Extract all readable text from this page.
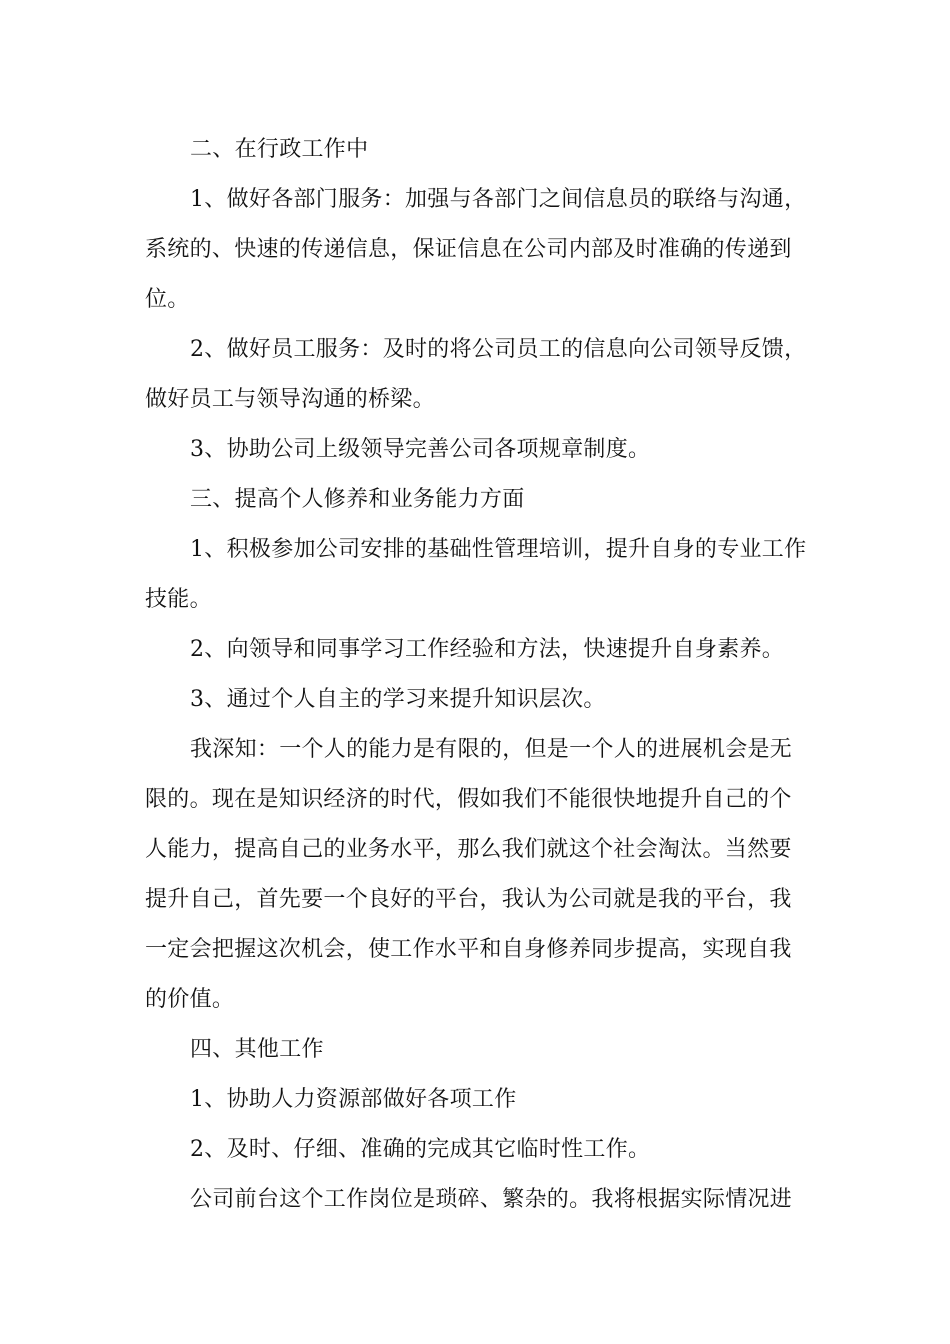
二、在行政工作中
1、做好各部门服务：加强与各部门之间信息员的联络与沟通，
系统的、快速的传递信息，保证信息在公司内部及时准确的传递到
位。
2、做好员工服务：及时的将公司员工的信息向公司领导反馈，
做好员工与领导沟通的桥梁。
3、协助公司上级领导完善公司各项规章制度。
三、提高个人修养和业务能力方面
1、积极参加公司安排的基础性管理培训，提升自身的专业工作
技能。
2、向领导和同事学习工作经验和方法，快速提升自身素养。
3、通过个人自主的学习来提升知识层次。
我深知：一个人的能力是有限的，但是一个人的进展机会是无
限的。现在是知识经济的时代，假如我们不能很快地提升自己的个
人能力，提高自己的业务水平，那么我们就这个社会淘汰。当然要
提升自己，首先要一个良好的平台，我认为公司就是我的平台，我
一定会把握这次机会，使工作水平和自身修养同步提高，实现自我
的价值。
四、其他工作
1、协助人力资源部做好各项工作
2、及时、仔细、准确的完成其它临时性工作。
公司前台这个工作岗位是琐碎、繁杂的。我将根据实际情况进
